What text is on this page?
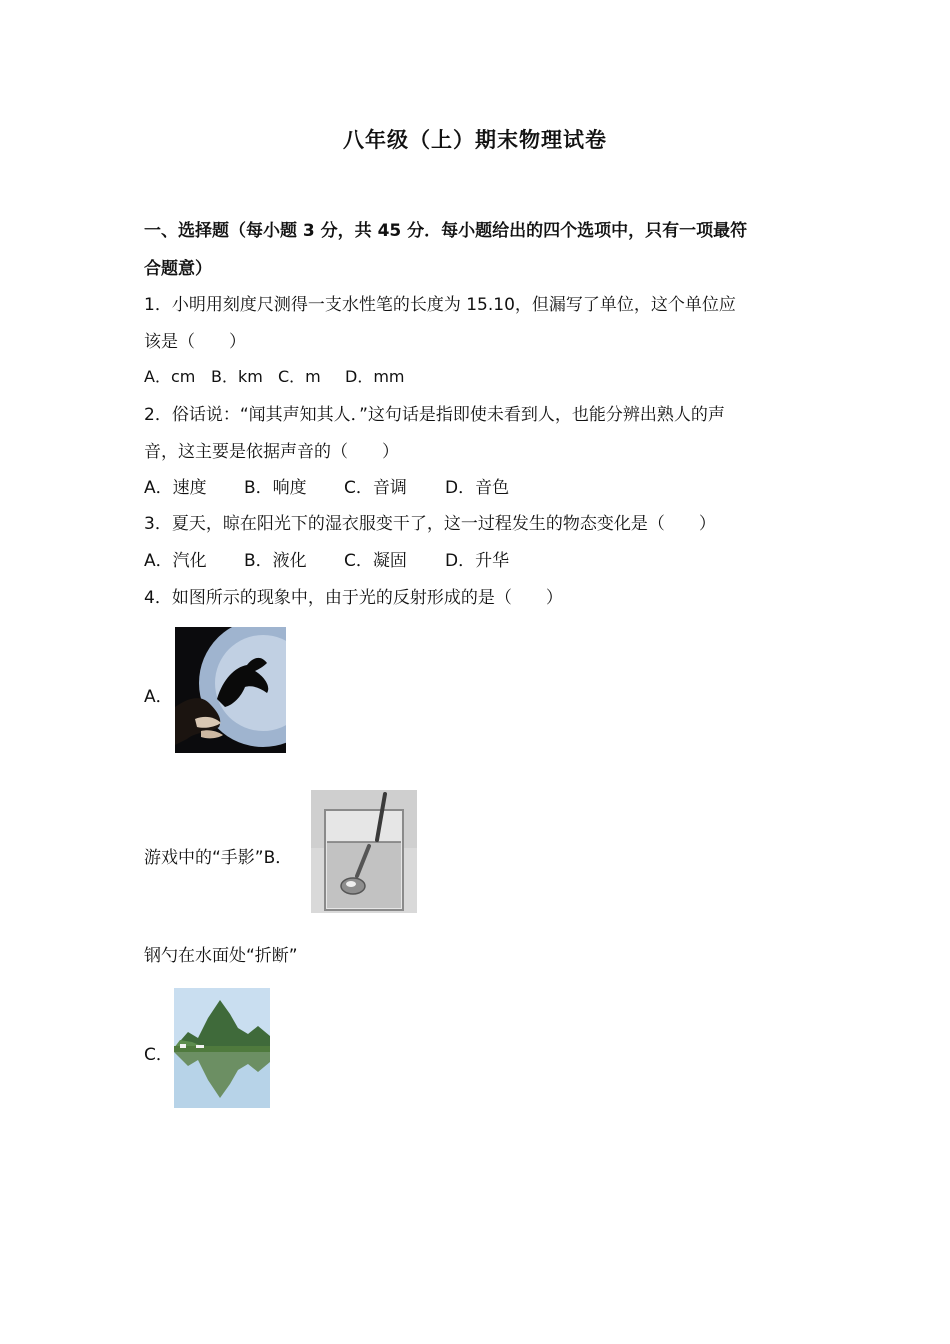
八年级（上）期末物理试卷
一、选择题（每小题 3 分，共 45 分．每小题给出的四个选项中，只有一项最符
合题意）
1．小明用刻度尺测得一支水性笔的长度为 15.10，但漏写了单位，这个单位应
该是（　　）
A．cm B．km C．m D．mm
2．俗话说：“闻其声知其人．”这句话是指即使未看到人，也能分辨出熟人的声
音，这主要是依据声音的（　　）
A．速度 B．响度 C．音调 D．音色
3．夏天，晾在阳光下的湿衣服变干了，这一过程发生的物态变化是（　　）
A．汽化 B．液化 C．凝固 D．升华
4．如图所示的现象中，由于光的反射形成的是（　　）
A．
游戏中的“手影”B．
钢勺在水面处“折断”
C．
